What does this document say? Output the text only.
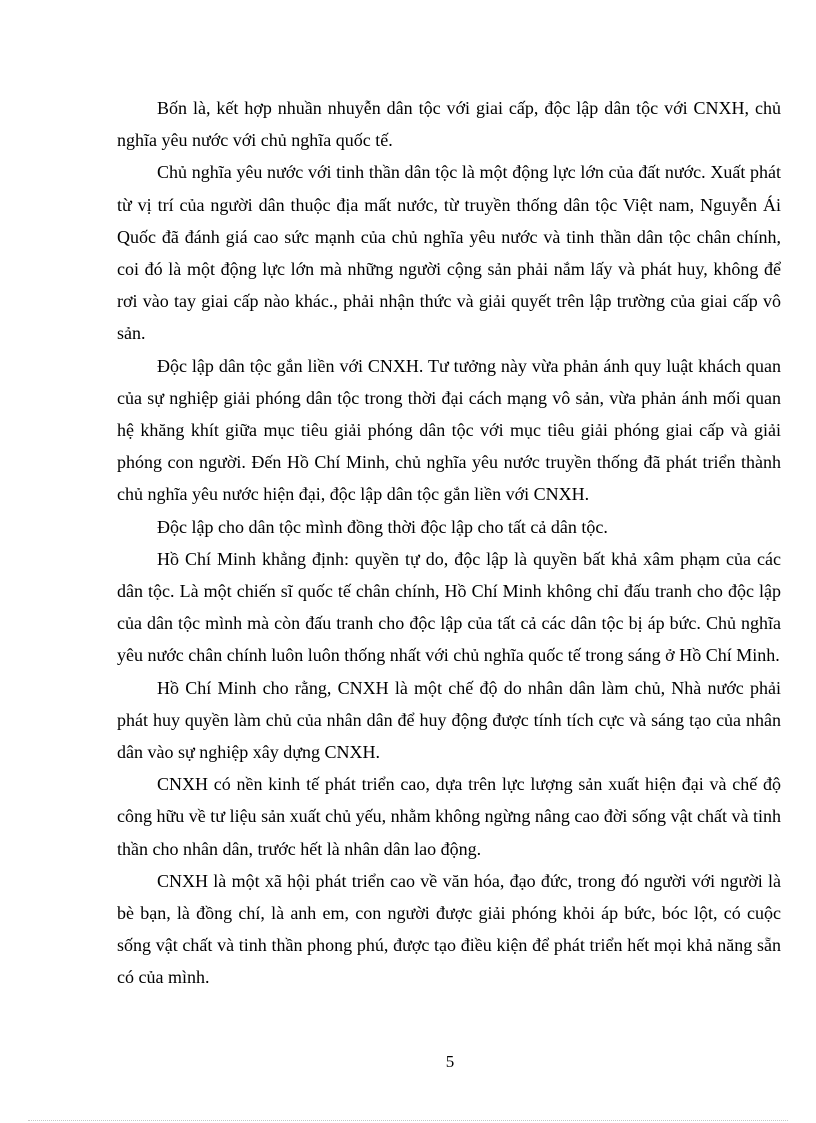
Bốn là, kết hợp nhuần nhuyễn dân tộc với giai cấp, độc lập dân tộc với CNXH, chủ nghĩa yêu nước với chủ nghĩa quốc tế.

Chủ nghĩa yêu nước với tinh thần dân tộc là một động lực lớn của đất nước. Xuất phát từ vị trí của người dân thuộc địa mất nước, từ truyền thống dân tộc Việt nam, Nguyễn Ái Quốc đã đánh giá cao sức mạnh của chủ nghĩa yêu nước và tinh thần dân tộc chân chính, coi đó là một động lực lớn mà những người cộng sản phải nắm lấy và phát huy, không để rơi vào tay giai cấp nào khác., phải nhận thức và giải quyết trên lập trường của giai cấp vô sản.

Độc lập dân tộc gắn liền với CNXH. Tư tưởng này vừa phản ánh quy luật khách quan của sự nghiệp giải phóng dân tộc trong thời đại cách mạng vô sản, vừa phản ánh mối quan hệ khăng khít giữa mục tiêu giải phóng dân tộc với mục tiêu giải phóng giai cấp và giải phóng con người. Đến Hồ Chí Minh, chủ nghĩa yêu nước truyền thống đã phát triển thành chủ nghĩa yêu nước hiện đại, độc lập dân tộc gắn liền với CNXH.

Độc lập cho dân tộc mình đồng thời độc lập cho tất cả dân tộc.

Hồ Chí Minh khẳng định: quyền tự do, độc lập là quyền bất khả xâm phạm của các dân tộc. Là một chiến sĩ quốc tế chân chính, Hồ Chí Minh không chỉ đấu tranh cho độc lập của dân tộc mình mà còn đấu tranh cho độc lập của tất cả các dân tộc bị áp bức. Chủ nghĩa yêu nước chân chính luôn luôn thống nhất với chủ nghĩa quốc tế trong sáng ở Hồ Chí Minh.

Hồ Chí Minh cho rằng, CNXH là một chế độ do nhân dân làm chủ, Nhà nước phải phát huy quyền làm chủ của nhân dân để huy động được tính tích cực và sáng tạo của nhân dân vào sự nghiệp xây dựng CNXH.

CNXH có nền kinh tế phát triển cao, dựa trên lực lượng sản xuất hiện đại và chế độ công hữu về tư liệu sản xuất chủ yếu, nhằm không ngừng nâng cao đời sống vật chất và tinh thần cho nhân dân, trước hết là nhân dân lao động.

CNXH là một xã hội phát triển cao về văn hóa, đạo đức, trong đó người với người là bè bạn, là đồng chí, là anh em, con người được giải phóng khỏi áp bức, bóc lột, có cuộc sống vật chất và tinh thần phong phú, được tạo điều kiện để phát triển hết mọi khả năng sẵn có của mình.

5
